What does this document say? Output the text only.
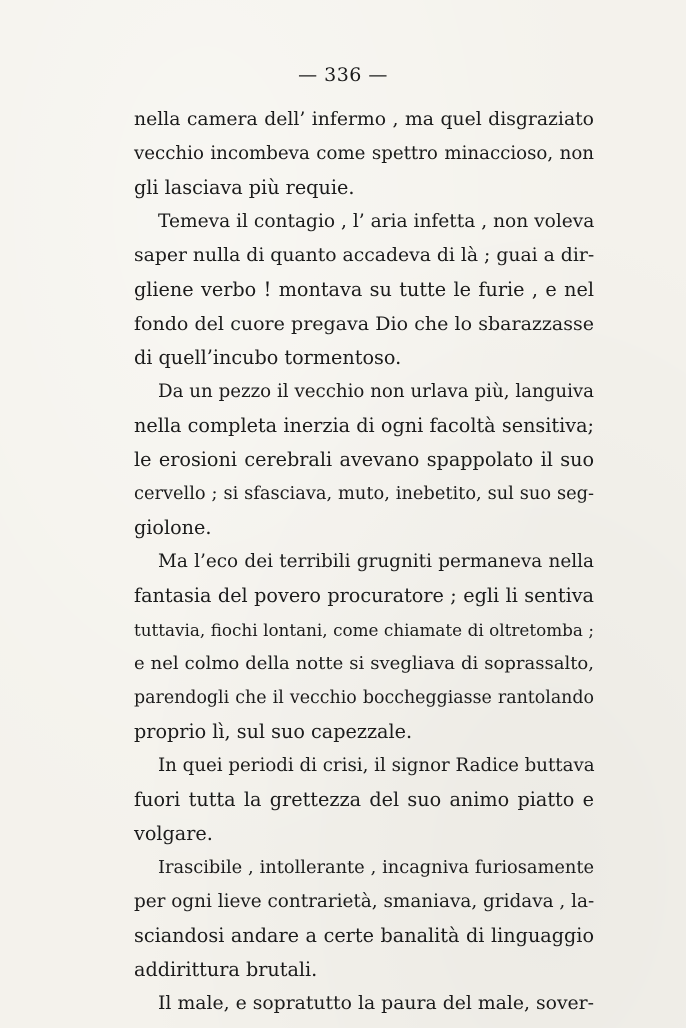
— 336 —
nella camera dell’ infermo , ma quel disgraziato
vecchio incombeva come spettro minaccioso, non
gli lasciava più requie.
Temeva il contagio , l’ aria infetta , non voleva
saper nulla di quanto accadeva di là ; guai a dir-
gliene verbo ! montava su tutte le furie , e nel
fondo del cuore pregava Dio che lo sbarazzasse
di quell’incubo tormentoso.
Da un pezzo il vecchio non urlava più, languiva
nella completa inerzia di ogni facoltà sensitiva;
le erosioni cerebrali avevano spappolato il suo
cervello ; si sfasciava, muto, inebetito, sul suo seg-
giolone.
Ma l’eco dei terribili grugniti permaneva nella
fantasia del povero procuratore ; egli li sentiva
tuttavia, fiochi lontani, come chiamate di oltretomba ;
e nel colmo della notte si svegliava di soprassalto,
parendogli che il vecchio boccheggiasse rantolando
proprio lì, sul suo capezzale.
In quei periodi di crisi, il signor Radice buttava
fuori tutta la grettezza del suo animo piatto e
volgare.
Irascibile , intollerante , incagniva furiosamente
per ogni lieve contrarietà, smaniava, gridava , la-
sciandosi andare a certe banalità di linguaggio
addirittura brutali.
Il male, e sopratutto la paura del male, sover-
